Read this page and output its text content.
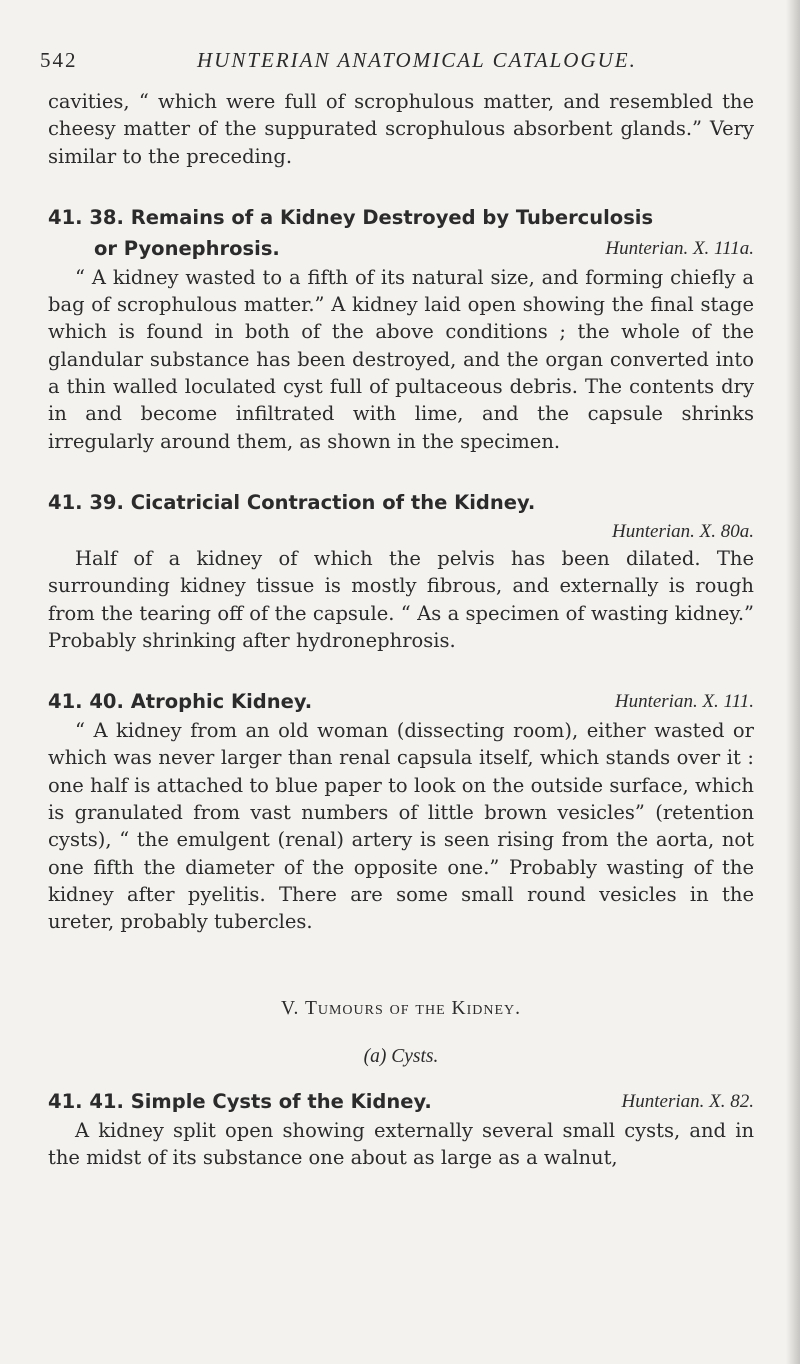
542	HUNTERIAN ANATOMICAL CATALOGUE.

cavities, “ which were full of scrophulous matter, and resembled the cheesy matter of the suppurated scrophulous absorbent glands.” Very similar to the preceding.

41. 38. Remains of a Kidney Destroyed by Tuberculosis
or Pyonephrosis.	Hunterian. X. 111a.

“ A kidney wasted to a fifth of its natural size, and forming chiefly a bag of scrophulous matter.” A kidney laid open showing the final stage which is found in both of the above conditions ; the whole of the glandular substance has been destroyed, and the organ converted into a thin walled loculated cyst full of pultaceous debris. The contents dry in and become infiltrated with lime, and the capsule shrinks irregularly around them, as shown in the specimen.

41. 39. Cicatricial Contraction of the Kidney.
Hunterian. X. 80a.

Half of a kidney of which the pelvis has been dilated. The surrounding kidney tissue is mostly fibrous, and externally is rough from the tearing off of the capsule. “ As a specimen of wasting kidney.” Probably shrinking after hydronephrosis.

41. 40. Atrophic Kidney.	Hunterian. X. 111.

“ A kidney from an old woman (dissecting room), either wasted or which was never larger than renal capsula itself, which stands over it : one half is attached to blue paper to look on the outside surface, which is granulated from vast numbers of little brown vesicles” (retention cysts), “ the emulgent (renal) artery is seen rising from the aorta, not one fifth the diameter of the opposite one.” Probably wasting of the kidney after pyelitis. There are some small round vesicles in the ureter, probably tubercles.

V. Tumours of the Kidney.
(a) Cysts.
41. 41. Simple Cysts of the Kidney.	Hunterian. X. 82.

A kidney split open showing externally several small cysts, and in the midst of its substance one about as large as a walnut,
